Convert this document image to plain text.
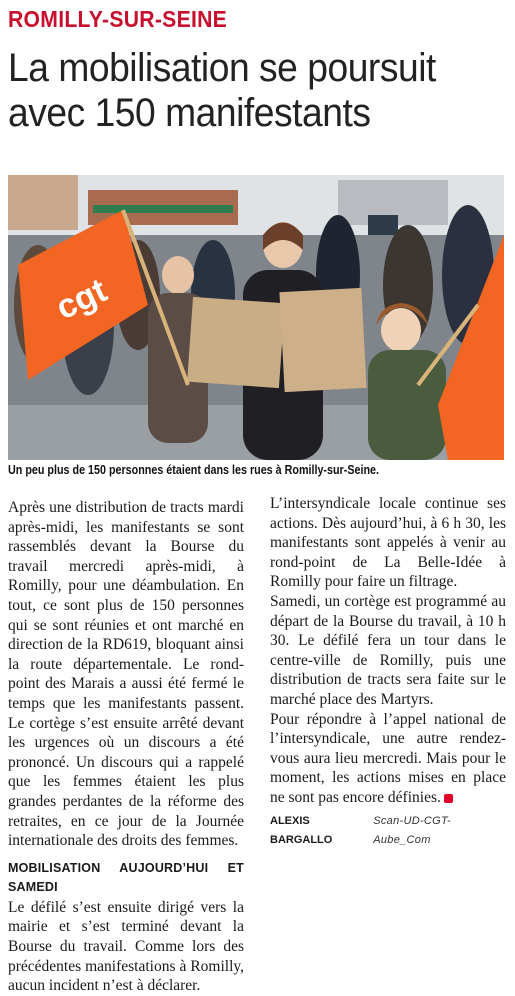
ROMILLY-SUR-SEINE
La mobilisation se poursuit avec 150 manifestants
cgt
Un peu plus de 150 personnes étaient dans les rues à Romilly-sur-Seine.

Après une distribution de tracts mardi après-midi, les manifestants se sont rassemblés devant la Bourse du travail mercredi après-midi, à Romilly, pour une déambulation. En tout, ce sont plus de 150 personnes qui se sont réunies et ont marché en direction de la RD619, bloquant ainsi la route départementale. Le rond-point des Marais a aussi été fermé le temps que les manifestants passent. Le cortège s’est ensuite arrêté devant les urgences où un discours a été prononcé. Un discours qui a rappelé que les femmes étaient les plus grandes perdantes de la réforme des retraites, en ce jour de la Journée internationale des droits des femmes.

MOBILISATION AUJOURD’HUI ET SAMEDI

Le défilé s’est ensuite dirigé vers la mairie et s’est terminé devant la Bourse du travail. Comme lors des précédentes manifestations à Romilly, aucun incident n’est à déclarer.

L’intersyndicale locale continue ses actions. Dès aujourd’hui, à 6 h 30, les manifestants sont appelés à venir au rond-point de La Belle-Idée à Romilly pour faire un filtrage.

Samedi, un cortège est programmé au départ de la Bourse du travail, à 10 h 30. Le défilé fera un tour dans le centre-ville de Romilly, puis une distribution de tracts sera faite sur le marché place des Martyrs.

Pour répondre à l’appel national de l’intersyndicale, une autre rendez-vous aura lieu mercredi. Mais pour le moment, les actions mises en place ne sont pas encore définies.

ALEXIS BARGALLO
Scan-UD-CGT-Aube_Com
